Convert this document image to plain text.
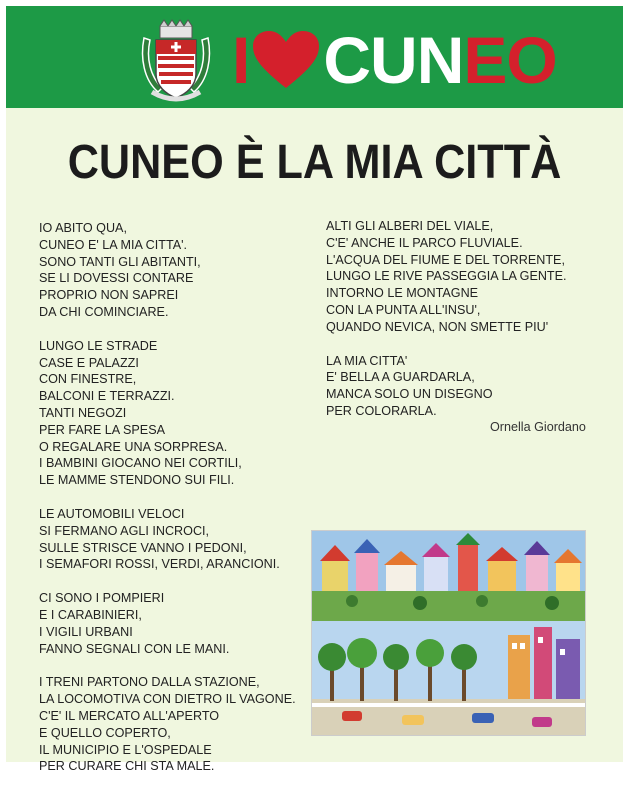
I C U N E O
CUNEO È LA MIA CITTÀ
IO ABITO QUA,
CUNEO E' LA MIA CITTA'.
SONO TANTI GLI ABITANTI,
SE LI DOVESSI CONTARE
PROPRIO NON SAPREI
DA CHI COMINCIARE.
LUNGO LE STRADE
CASE E PALAZZI
CON FINESTRE,
BALCONI E TERRAZZI.
TANTI NEGOZI
PER FARE LA SPESA
O REGALARE UNA SORPRESA.
I BAMBINI GIOCANO NEI CORTILI,
LE MAMME STENDONO SUI FILI.
LE AUTOMOBILI VELOCI
SI FERMANO AGLI INCROCI,
SULLE STRISCE VANNO I PEDONI,
I SEMAFORI ROSSI, VERDI, ARANCIONI.
CI SONO I POMPIERI
E I CARABINIERI,
I VIGILI URBANI
FANNO SEGNALI CON LE MANI.
I TRENI PARTONO DALLA STAZIONE,
LA LOCOMOTIVA CON DIETRO IL VAGONE.
C'E' IL MERCATO ALL'APERTO
E QUELLO COPERTO,
IL MUNICIPIO E L'OSPEDALE
PER CURARE CHI STA MALE.
ALTI GLI ALBERI DEL VIALE,
C'E' ANCHE IL PARCO FLUVIALE.
L'ACQUA DEL FIUME E DEL TORRENTE,
LUNGO LE RIVE PASSEGGIA LA GENTE.
INTORNO LE MONTAGNE
CON LA PUNTA ALL'INSU',
QUANDO NEVICA, NON SMETTE PIU'
LA MIA CITTA'
E' BELLA A GUARDARLA,
MANCA SOLO UN DISEGNO
PER COLORARLA.
Ornella Giordano
